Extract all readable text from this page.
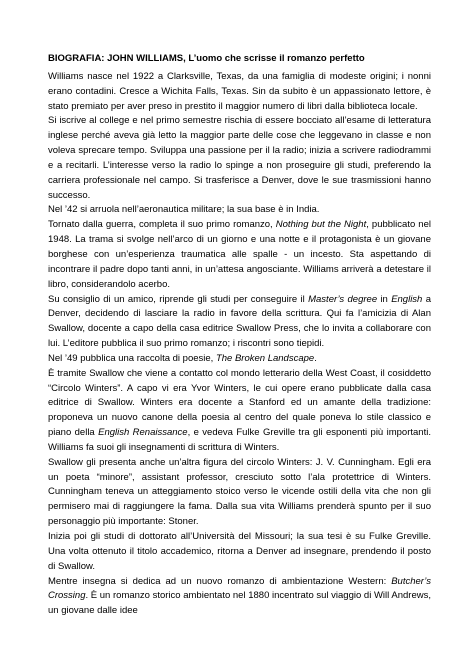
BIOGRAFIA: JOHN WILLIAMS, L’uomo che scrisse il romanzo perfetto

Williams nasce nel 1922 a Clarksville, Texas, da una famiglia di modeste origini; i nonni erano contadini. Cresce a Wichita Falls, Texas. Sin da subito è un appassionato lettore, è stato premiato per aver preso in prestito il maggior numero di libri dalla biblioteca locale.

Si iscrive al college e nel primo semestre rischia di essere bocciato all’esame di letteratura inglese perché aveva già letto la maggior parte delle cose che leggevano in classe e non voleva sprecare tempo. Sviluppa una passione per il la radio; inizia a scrivere radiodrammi e a recitarli. L’interesse verso la radio lo spinge a non proseguire gli studi, preferendo la carriera professionale nel campo. Si trasferisce a Denver, dove le sue trasmissioni hanno successo.

Nel ’42 si arruola nell’aeronautica militare; la sua base è in India.

Tornato dalla guerra, completa il suo primo romanzo, Nothing but the Night, pubblicato nel 1948. La trama si svolge nell’arco di un giorno e una notte e il protagonista è un giovane borghese con un’esperienza traumatica alle spalle - un incesto. Sta aspettando di incontrare il padre dopo tanti anni, in un’attesa angosciante. Williams arriverà a detestare il libro, considerandolo acerbo.

Su consiglio di un amico, riprende gli studi per conseguire il Master’s degree in English a Denver, decidendo di lasciare la radio in favore della scrittura. Qui fa l’amicizia di Alan Swallow, docente a capo della casa editrice Swallow Press, che lo invita a collaborare con lui. L’editore pubblica il suo primo romanzo; i riscontri sono tiepidi.

Nel ’49 pubblica una raccolta di poesie, The Broken Landscape.

È tramite Swallow che viene a contatto col mondo letterario della West Coast, il cosiddetto “Circolo Winters”. A capo vi era Yvor Winters, le cui opere erano pubblicate dalla casa editrice di Swallow. Winters era docente a Stanford ed un amante della tradizione: proponeva un nuovo canone della poesia al centro del quale poneva lo stile classico e piano della English Renaissance, e vedeva Fulke Greville tra gli esponenti più importanti. Williams fa suoi gli insegnamenti di scrittura di Winters.

Swallow gli presenta anche un’altra figura del circolo Winters: J. V. Cunningham. Egli era un poeta “minore”, assistant professor, cresciuto sotto l’ala protettrice di Winters. Cunningham teneva un atteggiamento stoico verso le vicende ostili della vita che non gli permisero mai di raggiungere la fama. Dalla sua vita Williams prenderà spunto per il suo personaggio più importante: Stoner.

Inizia poi gli studi di dottorato all’Università del Missouri; la sua tesi è su Fulke Greville. Una volta ottenuto il titolo accademico, ritorna a Denver ad insegnare, prendendo il posto di Swallow.

Mentre insegna si dedica ad un nuovo romanzo di ambientazione Western: Butcher’s Crossing. È un romanzo storico ambientato nel 1880 incentrato sul viaggio di Will Andrews, un giovane dalle idee
